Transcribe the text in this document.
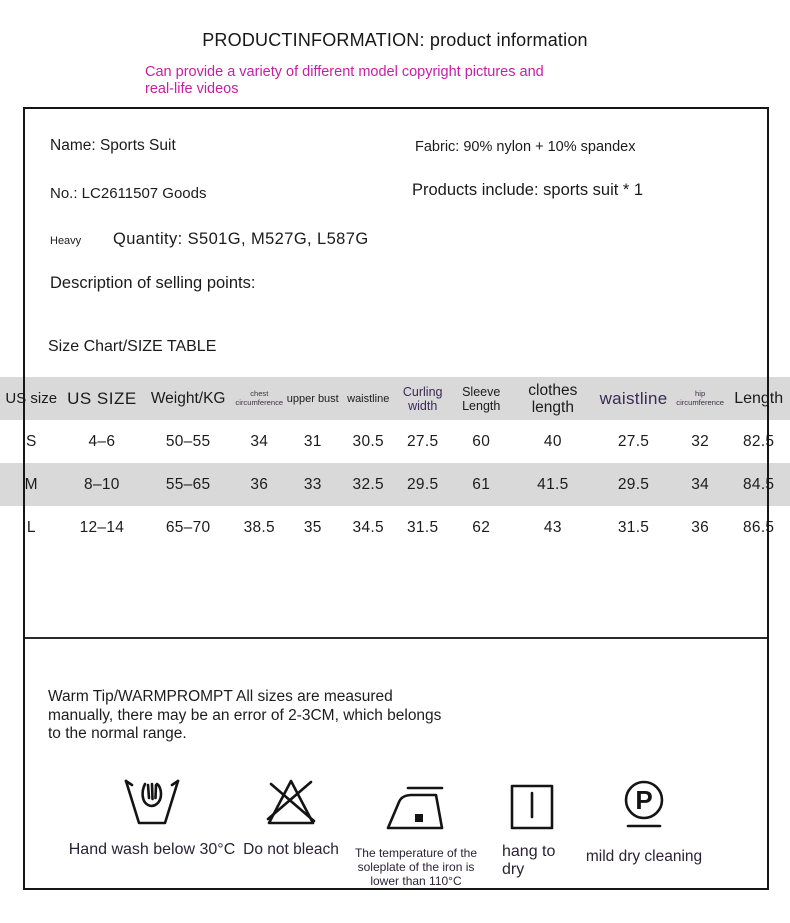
PRODUCTINFORMATION: product information
Can provide a variety of different model copyright pictures and real-life videos
Name: Sports Suit	Fabric: 90% nylon + 10% spandex
No.: LC2611507 Goods	Products include: sports suit * 1
Heavy Quantity: S501G, M527G, L587G
Description of selling points:
Size Chart/SIZE TABLE
US size	US SIZE	Weight/KG	chest circumference	upper bust	waistline	Curling width	Sleeve Length	clothes length	waistline	hip circumference	Length
S	4–6	50–55	34	31	30.5	27.5	60	40	27.5	32	82.5
M	8–10	55–65	36	33	32.5	29.5	61	41.5	29.5	34	84.5
L	12–14	65–70	38.5	35	34.5	31.5	62	43	31.5	36	86.5
Warm Tip/WARMPROMPT All sizes are measured manually, there may be an error of 2-3CM, which belongs to the normal range.
Hand wash below 30°C Do not bleach	The temperature of the soleplate of the iron is lower than 110°C
hang to dry
P
mild dry cleaning
